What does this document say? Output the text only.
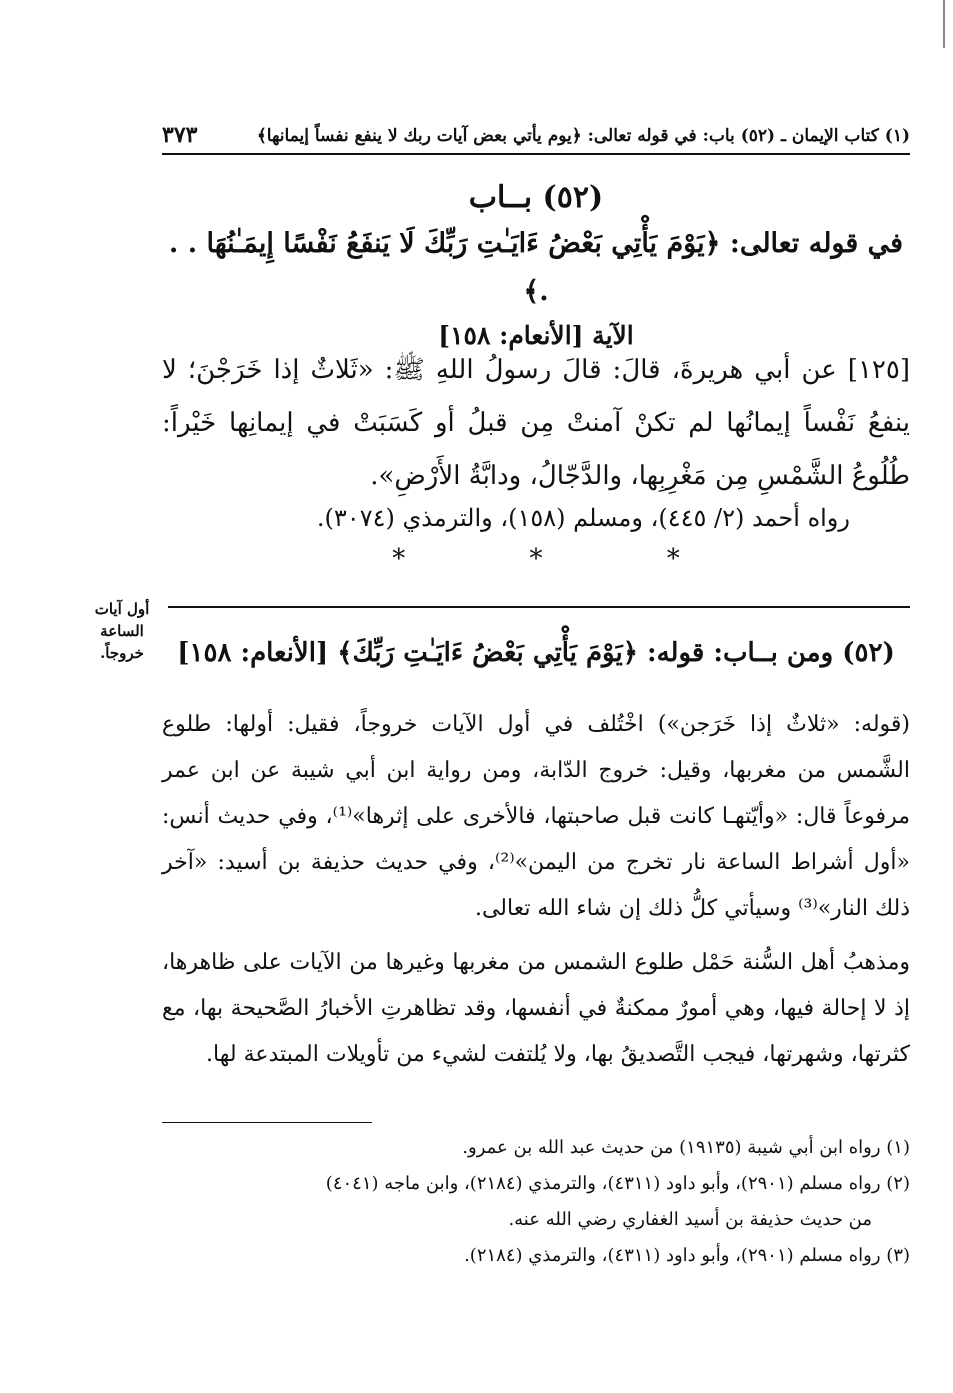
(١) كتاب الإيمان ـ (٥٢) باب: في قوله تعالى: ﴿يوم يأتي بعض آيات ربك لا ينفع نفساً إيمانها﴾
٣٧٣
(٥٢) بــاب
في قوله تعالى: ﴿يَوْمَ يَأْتِي بَعْضُ ءَايَـٰتِ رَبِّكَ لَا يَنفَعُ نَفْسًا إِيمَـٰنُهَا . . .﴾
الآية [الأنعام: ١٥٨]
[١٢٥] عن أبي هريرةَ، قالَ: قالَ رسولُ اللهِ ﷺ: «ثَلاثٌ إذا خَرَجْنَ؛ لا ينفعُ نَفْساً إيمانُها لم تكنْ آمنتْ مِن قبلُ أو كَسَبَتْ في إيمانِها خَيْراً: طُلُوعُ الشَّمْسِ مِن مَغْرِبِها، والدَّجّالُ، ودابَّةُ الأَرْضِ».
رواه أحمد (٢/ ٤٤٥)، ومسلم (١٥٨)، والترمذي (٣٠٧٤).
* * *
(٥٢) ومن بــاب: قوله: ﴿يَوْمَ يَأْتِي بَعْضُ ءَايَـٰتِ رَبِّكَ﴾ [الأنعام: ١٥٨]
(قوله: «ثلاثٌ إذا خَرَجن») اخْتُلف في أول الآيات خروجاً، فقيل: أولها: طلوع الشَّمس من مغربها، وقيل: خروج الدّابة، ومن رواية ابن أبي شيبة عن ابن عمر مرفوعاً قال: «وأيّتهـا كانت قبل صاحبتها، فالأخرى على إثرها»⁽¹⁾، وفي حديث أنس: «أول أشراط الساعة نار تخرج من اليمن»⁽²⁾، وفي حديث حذيفة بن أسيد: «آخر ذلك النار»⁽³⁾ وسيأتي كلُّ ذلك إن شاء الله تعالى.
ومذهبُ أهل السُّنة حَمْل طلوع الشمس من مغربها وغيرها من الآيات على ظاهرها، إذ لا إحالة فيها، وهي أمورٌ ممكنةٌ في أنفسها، وقد تظاهرتِ الأخبارُ الصَّحيحة بها، مع كثرتها، وشهرتها، فيجب التَّصديقُ بها، ولا يُلتفت لشيء من تأويلات المبتدعة لها.

(١) رواه ابن أبي شيبة (١٩١٣٥) من حديث عبد الله بن عمرو.

(٢) رواه مسلم (٢٩٠١)، وأبو داود (٤٣١١)، والترمذي (٢١٨٤)، وابن ماجه (٤٠٤١)

من حديث حذيفة بن أسيد الغفاري رضي الله عنه.

(٣) رواه مسلم (٢٩٠١)، وأبو داود (٤٣١١)، والترمذي (٢١٨٤).

أول آيات الساعة خروجاً.
